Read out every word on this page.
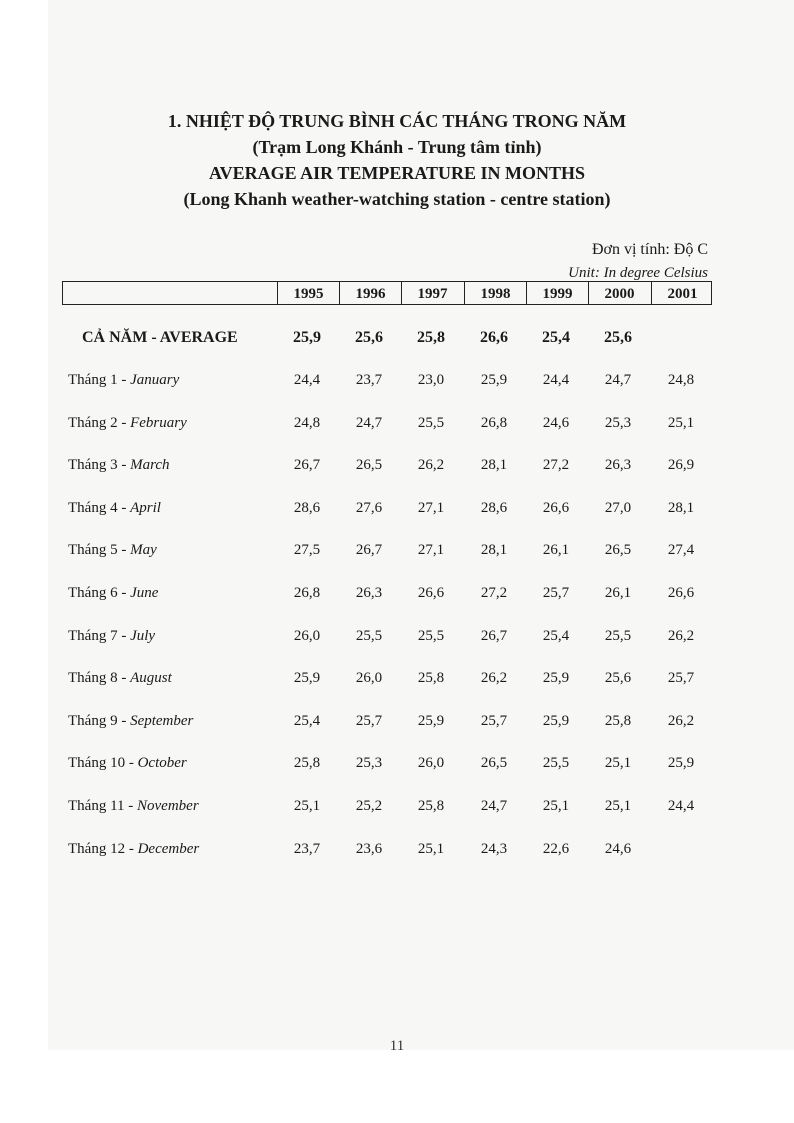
1. NHIỆT ĐỘ TRUNG BÌNH CÁC THÁNG TRONG NĂM

(Trạm Long Khánh - Trung tâm tỉnh)

AVERAGE AIR TEMPERATURE IN MONTHS

(Long Khanh weather-watching station - centre station)

Đơn vị tính: Độ C
Unit: In degree Celsius
1995	1996	1997	1998	1999	2000	2001
CẢ NĂM - AVERAGE	25,9	25,6	25,8	26,6	25,4	25,6
Tháng 1 - January	24,4	23,7	23,0	25,9	24,4	24,7	24,8
Tháng 2 - February	24,8	24,7	25,5	26,8	24,6	25,3	25,1
Tháng 3 - March	26,7	26,5	26,2	28,1	27,2	26,3	26,9
Tháng 4 - April	28,6	27,6	27,1	28,6	26,6	27,0	28,1
Tháng 5 - May	27,5	26,7	27,1	28,1	26,1	26,5	27,4
Tháng 6 - June	26,8	26,3	26,6	27,2	25,7	26,1	26,6
Tháng 7 - July	26,0	25,5	25,5	26,7	25,4	25,5	26,2
Tháng 8 - August	25,9	26,0	25,8	26,2	25,9	25,6	25,7
Tháng 9 - September	25,4	25,7	25,9	25,7	25,9	25,8	26,2
Tháng 10 - October	25,8	25,3	26,0	26,5	25,5	25,1	25,9
Tháng 11 - November	25,1	25,2	25,8	24,7	25,1	25,1	24,4
Tháng 12 - December	23,7	23,6	25,1	24,3	22,6	24,6
11
